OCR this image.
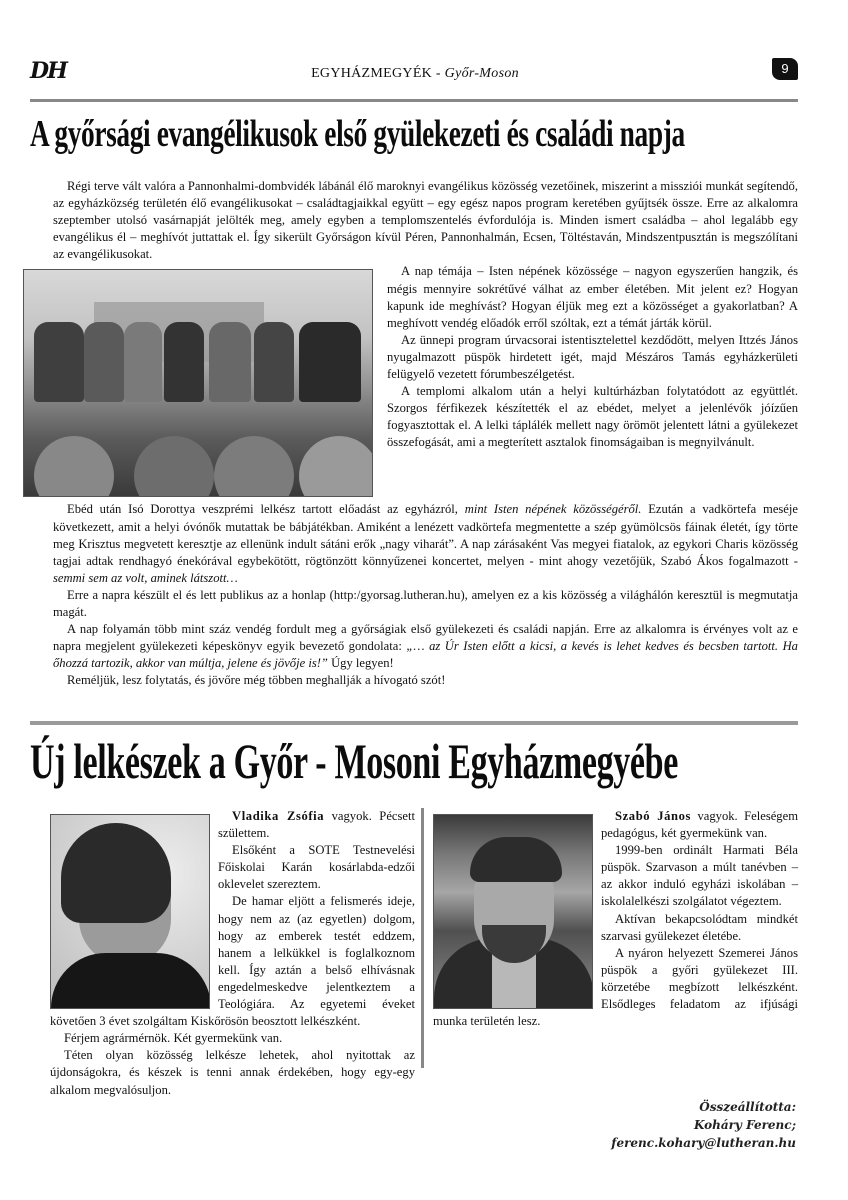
DH	EGYHÁZMEGYÉK - Győr-Moson	9
A győrsági evangélikusok első gyülekezeti és családi napja

Régi terve vált valóra a Pannonhalmi-dombvidék lábánál élő maroknyi evangélikus közösség vezetőinek, miszerint a missziói munkát segítendő, az egyházközség területén élő evangélikusokat – családtagjaikkal együtt – egy egész napos program keretében gyűjtsék össze. Erre az alkalomra szeptember utolsó vasárnapját jelölték meg, amely egyben a templomszentelés évfordulója is. Minden ismert családba – ahol legalább egy evangélikus él – meghívót juttattak el. Így sikerült Győrságon kívül Péren, Pannonhalmán, Ecsen, Töltéstaván, Mindszentpusztán is megszólítani az evangélikusokat.

A nap témája – Isten népének közössége – nagyon egyszerűen hangzik, és mégis mennyire sokrétűvé válhat az ember életében. Mit jelent ez? Hogyan kapunk ide meghívást? Hogyan éljük meg ezt a közösséget a gyakorlatban? A meghívott vendég előadók erről szóltak, ezt a témát járták körül.

Az ünnepi program úrvacsorai istentisztelettel kezdődött, melyen Ittzés János nyugalmazott püspök hirdetett igét, majd Mészáros Tamás egyházkerületi felügyelő vezetett fórumbeszélgetést.

A templomi alkalom után a helyi kultúrházban folytatódott az együttlét. Szorgos férfikezek készítették el az ebédet, melyet a jelenlévők jóízűen fogyasztottak el. A lelki táplálék mellett nagy örömöt jelentett látni a gyülekezet összefogását, ami a megterített asztalok finomságaiban is megnyilvánult.

Ebéd után Isó Dorottya veszprémi lelkész tartott előadást az egyházról, mint Isten népének közösségéről. Ezután a vadkörtefa meséje következett, amit a helyi óvónők mutattak be bábjátékban. Amiként a lenézett vadkörtefa megmentette a szép gyümölcsös fáinak életét, így törte meg Krisztus megvetett keresztje az ellenünk indult sátáni erők „nagy viharát”. A nap zárásaként Vas megyei fiatalok, az egykori Charis közösség tagjai adtak rendhagyó énekórával egybekötött, rögtönzött könnyűzenei koncertet, melyen - mint ahogy vezetőjük, Szabó Ákos fogalmazott - semmi sem az volt, aminek látszott…

Erre a napra készült el és lett publikus az a honlap (http:/gyorsag.lutheran.hu), amelyen ez a kis közösség a világhálón keresztül is megmutatja magát.

A nap folyamán több mint száz vendég fordult meg a győrságiak első gyülekezeti és családi napján. Erre az alkalomra is érvényes volt az e napra megjelent gyülekezeti képeskönyv egyik bevezető gondolata: „… az Úr Isten előtt a kicsi, a kevés is lehet kedves és becsben tartott. Ha őhozzá tartozik, akkor van múltja, jelene és jövője is!” Úgy legyen!

Reméljük, lesz folytatás, és jövőre még többen meghallják a hívogató szót!

Új lelkészek a Győr - Mosoni Egyházmegyébe

Vladika Zsófia vagyok. Pécsett születtem.

Elsőként a SOTE Testnevelési Főiskolai Karán kosárlabda-edzői oklevelet szereztem.

De hamar eljött a felismerés ideje, hogy nem az (az egyetlen) dolgom, hogy az emberek testét eddzem, hanem a lelkükkel is foglalkoznom kell. Így aztán a belső elhívásnak engedelmeskedve jelentkeztem a Teológiára. Az egyetemi éveket követően 3 évet szolgáltam Kiskőrösön beosztott lelkészként.

Férjem agrármérnök. Két gyermekünk van.

Téten olyan közösség lelkésze lehetek, ahol nyitottak az újdonságokra, és készek is tenni annak érdekében, hogy egy-egy alkalom megvalósuljon.

Szabó János vagyok. Feleségem pedagógus, két gyermekünk van.

1999-ben ordinált Harmati Béla püspök. Szarvason a múlt tanévben – az akkor induló egyházi iskolában – iskolalelkészi szolgálatot végeztem.

Aktívan bekapcsolódtam mindkét szarvasi gyülekezet életébe.

A nyáron helyezett Szemerei János püspök a győri gyülekezet III. körzetébe megbízott lelkészként. Elsődleges feladatom az ifjúsági munka területén lesz.

Összeállította:
Koháry Ferenc;
ferenc.kohary@lutheran.hu
